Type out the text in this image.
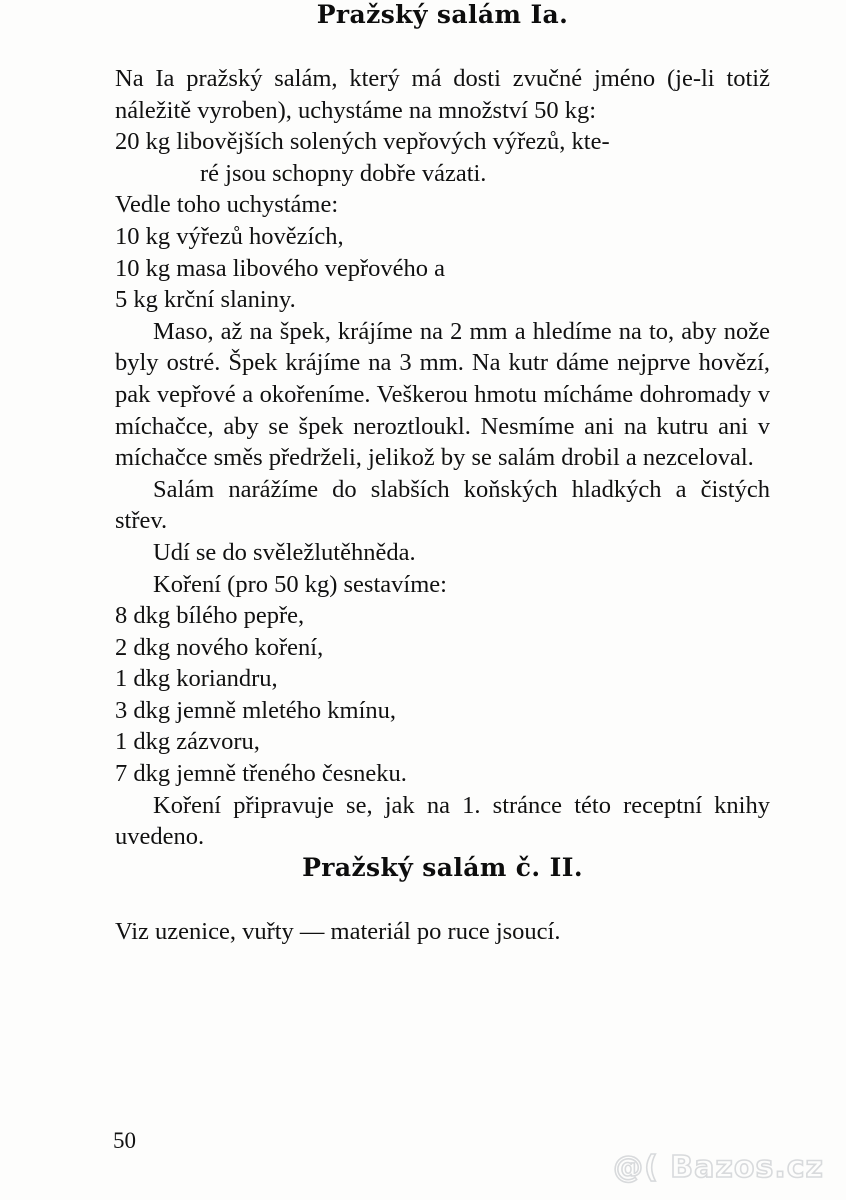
Pražský salám Ia.

Na Ia pražský salám, který má dosti zvučné jméno (je-li totiž náležitě vyroben), uchystáme na množství 50 kg:

20 kg libovějších solených vepřových výřezů, kte-
ré jsou schopny dobře vázati.

Vedle toho uchystáme:

10 kg výřezů hovězích,
10 kg masa libového vepřového a
5 kg krční slaniny.

Maso, až na špek, krájíme na 2 mm a hledíme na to, aby nože byly ostré. Špek krájíme na 3 mm. Na kutr dáme nejprve hovězí, pak vepřové a okořeníme. Veškerou hmotu mícháme dohromady v míchačce, aby se špek neroztloukl. Nesmíme ani na kutru ani v míchačce směs předrželi, jelikož by se salám drobil a nezceloval.

Salám narážíme do slabších koňských hladkých a čistých střev.

Udí se do svěležlutěhněda.

Koření (pro 50 kg) sestavíme:

8 dkg bílého pepře,
2 dkg nového koření,
1 dkg koriandru,
3 dkg jemně mletého kmínu,
1 dkg zázvoru,
7 dkg jemně třeného česneku.

Koření připravuje se, jak na 1. stránce této receptní knihy uvedeno.

Pražský salám č. II.

Viz uzenice, vuřty — materiál po ruce jsoucí.

50
@( Bazos.cz
